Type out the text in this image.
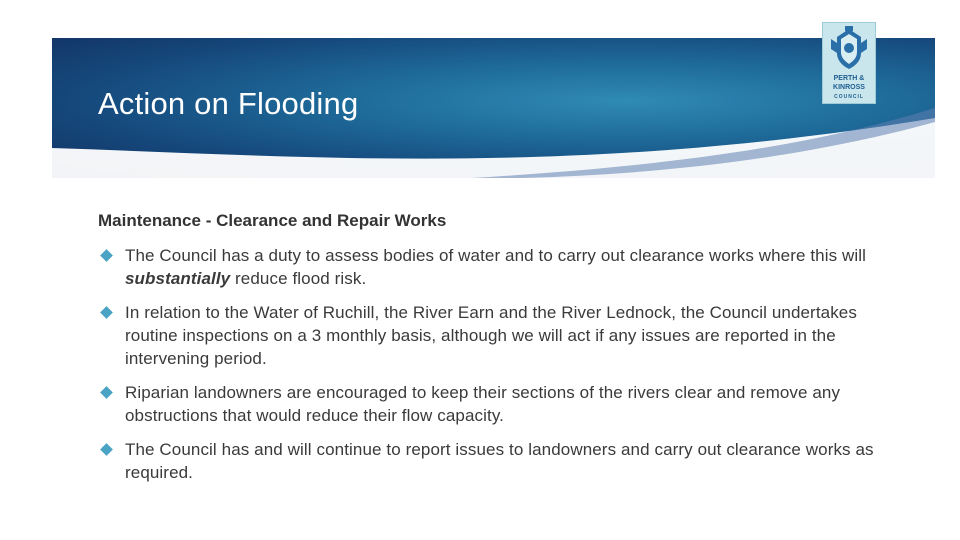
Action on Flooding
PERTH &
KINROSS
COUNCIL
Maintenance - Clearance and Repair Works
The Council has a duty to assess bodies of water and to carry out clearance works where this will substantially reduce flood risk.
In relation to the Water of Ruchill, the River Earn and the River Lednock, the Council undertakes routine inspections on a 3 monthly basis, although we will act if any issues are reported in the intervening period.
Riparian landowners are encouraged to keep their sections of the rivers clear and remove any obstructions that would reduce their flow capacity.
The Council has and will continue to report issues to landowners and carry out clearance works as required.
